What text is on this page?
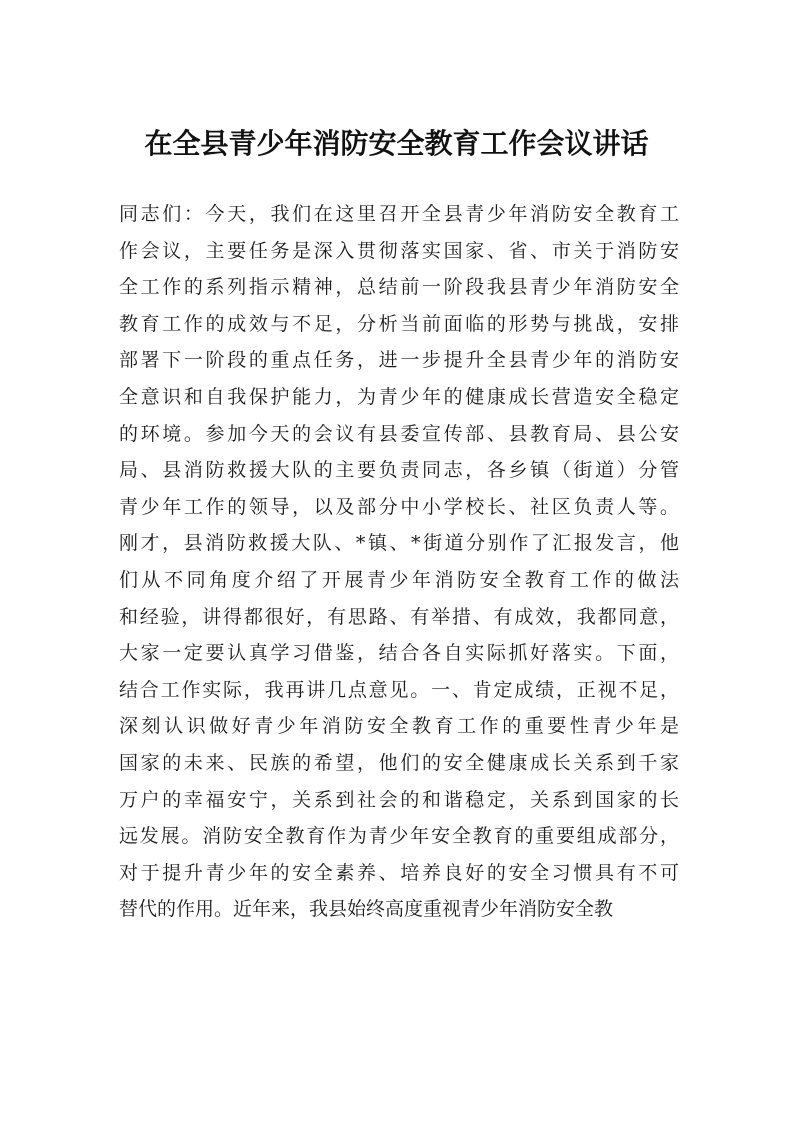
在全县青少年消防安全教育工作会议讲话
同志们：今天，我们在这里召开全县青少年消防安全教育工
作会议，主要任务是深入贯彻落实国家、省、市关于消防安
全工作的系列指示精神，总结前一阶段我县青少年消防安全
教育工作的成效与不足，分析当前面临的形势与挑战，安排
部署下一阶段的重点任务，进一步提升全县青少年的消防安
全意识和自我保护能力，为青少年的健康成长营造安全稳定
的环境。参加今天的会议有县委宣传部、县教育局、县公安
局、县消防救援大队的主要负责同志，各乡镇（街道）分管
青少年工作的领导，以及部分中小学校长、社区负责人等。
刚才，县消防救援大队、*镇、*街道分别作了汇报发言，他
们从不同角度介绍了开展青少年消防安全教育工作的做法
和经验，讲得都很好，有思路、有举措、有成效，我都同意，
大家一定要认真学习借鉴，结合各自实际抓好落实。下面，
结合工作实际，我再讲几点意见。一、肯定成绩，正视不足，
深刻认识做好青少年消防安全教育工作的重要性青少年是
国家的未来、民族的希望，他们的安全健康成长关系到千家
万户的幸福安宁，关系到社会的和谐稳定，关系到国家的长
远发展。消防安全教育作为青少年安全教育的重要组成部分，
对于提升青少年的安全素养、培养良好的安全习惯具有不可
替代的作用。近年来，我县始终高度重视青少年消防安全教
